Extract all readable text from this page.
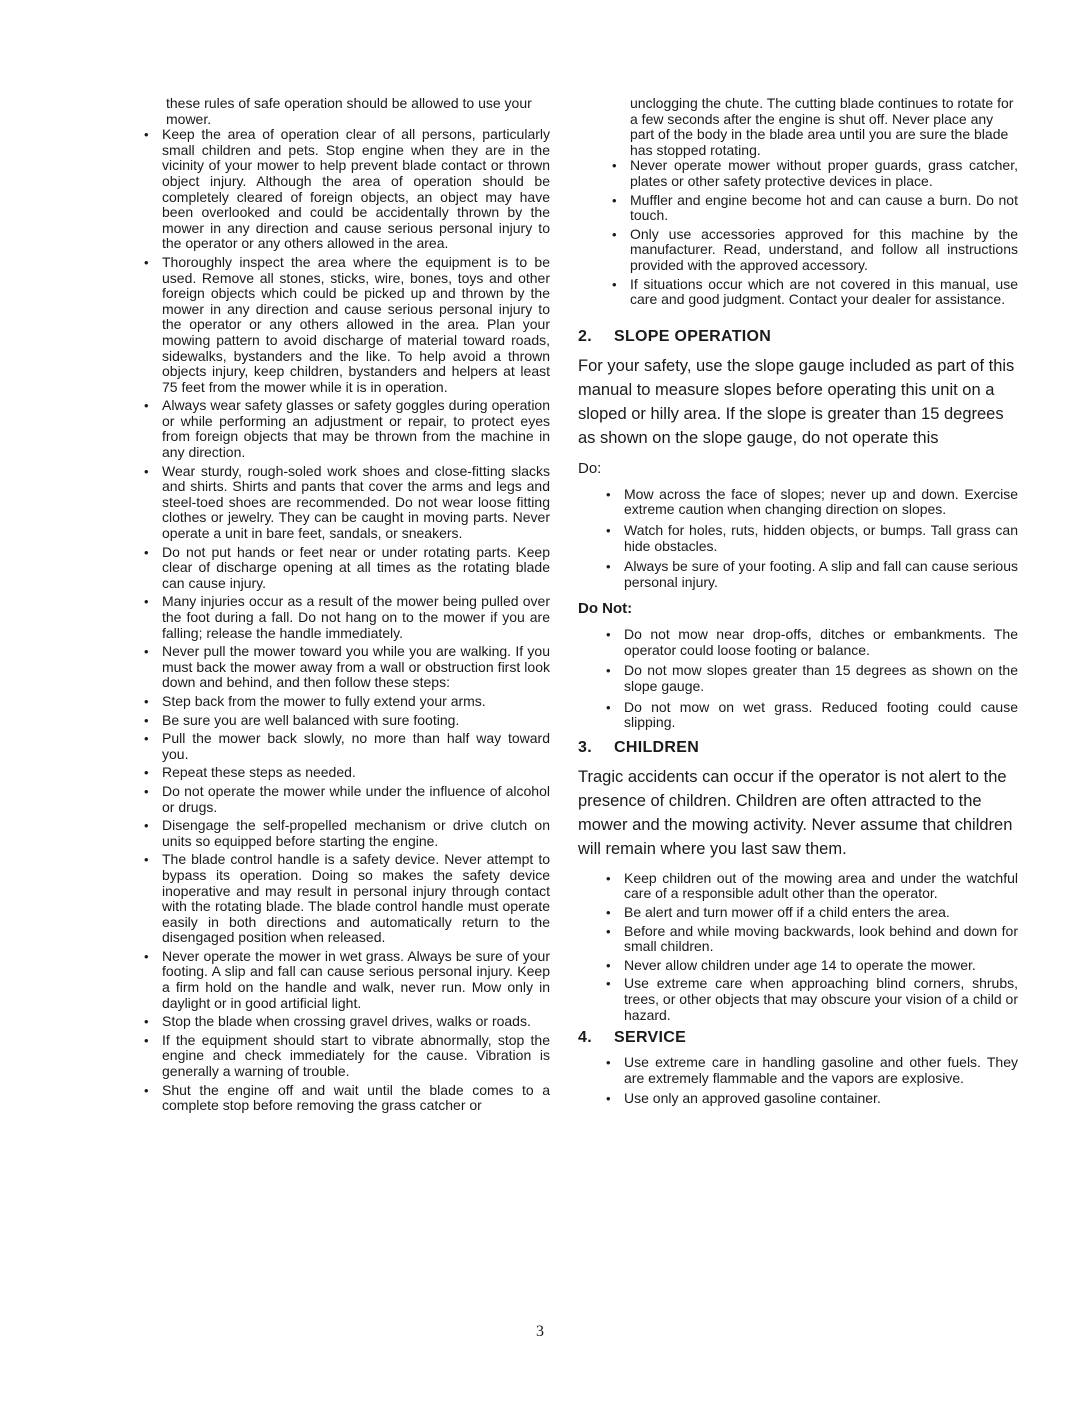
these rules of safe operation should be allowed to use your mower.

• Keep the area of operation clear of all persons, particularly small children and pets. Stop engine when they are in the vicinity of your mower to help prevent blade contact or thrown object injury. Although the area of operation should be completely cleared of foreign objects, an object may have been overlooked and could be accidentally thrown by the mower in any direction and cause serious personal injury to the operator or any others allowed in the area.
• Thoroughly inspect the area where the equipment is to be used. Remove all stones, sticks, wire, bones, toys and other foreign objects which could be picked up and thrown by the mower in any direction and cause serious personal injury to the operator or any others allowed in the area. Plan your mowing pattern to avoid discharge of material toward roads, sidewalks, bystanders and the like. To help avoid a thrown objects injury, keep children, bystanders and helpers at least 75 feet from the mower while it is in operation.
• Always wear safety glasses or safety goggles during operation or while performing an adjustment or repair, to protect eyes from foreign objects that may be thrown from the machine in any direction.
• Wear sturdy, rough-soled work shoes and close-fitting slacks and shirts. Shirts and pants that cover the arms and legs and steel-toed shoes are recommended. Do not wear loose fitting clothes or jewelry. They can be caught in moving parts. Never operate a unit in bare feet, sandals, or sneakers.
• Do not put hands or feet near or under rotating parts. Keep clear of discharge opening at all times as the rotating blade can cause injury.
• Many injuries occur as a result of the mower being pulled over the foot during a fall. Do not hang on to the mower if you are falling; release the handle immediately.
• Never pull the mower toward you while you are walking. If you must back the mower away from a wall or obstruction first look down and behind, and then follow these steps:
• Step back from the mower to fully extend your arms.
• Be sure you are well balanced with sure footing.
• Pull the mower back slowly, no more than half way toward you.
• Repeat these steps as needed.
• Do not operate the mower while under the influence of alcohol or drugs.
• Disengage the self-propelled mechanism or drive clutch on units so equipped before starting the engine.
• The blade control handle is a safety device. Never attempt to bypass its operation. Doing so makes the safety device inoperative and may result in personal injury through contact with the rotating blade. The blade control handle must operate easily in both directions and automatically return to the disengaged position when released.
• Never operate the mower in wet grass. Always be sure of your footing. A slip and fall can cause serious personal injury. Keep a firm hold on the handle and walk, never run. Mow only in daylight or in good artificial light.
• Stop the blade when crossing gravel drives, walks or roads.
• If the equipment should start to vibrate abnormally, stop the engine and check immediately for the cause. Vibration is generally a warning of trouble.
• Shut the engine off and wait until the blade comes to a complete stop before removing the grass catcher or

unclogging the chute. The cutting blade continues to rotate for a few seconds after the engine is shut off. Never place any part of the body in the blade area until you are sure the blade has stopped rotating.

• Never operate mower without proper guards, grass catcher, plates or other safety protective devices in place.
• Muffler and engine become hot and can cause a burn. Do not touch.
• Only use accessories approved for this machine by the manufacturer. Read, understand, and follow all instructions provided with the approved accessory.
• If situations occur which are not covered in this manual, use care and good judgment. Contact your dealer for assistance.
2. SLOPE OPERATION

For your safety, use the slope gauge included as part of this manual to measure slopes before operating this unit on a sloped or hilly area. If the slope is greater than 15 degrees as shown on the slope gauge, do not operate this

Do:

• Mow across the face of slopes; never up and down. Exercise extreme caution when changing direction on slopes.
• Watch for holes, ruts, hidden objects, or bumps. Tall grass can hide obstacles.
• Always be sure of your footing. A slip and fall can cause serious personal injury.

Do Not:

• Do not mow near drop-offs, ditches or embankments. The operator could loose footing or balance.
• Do not mow slopes greater than 15 degrees as shown on the slope gauge.
• Do not mow on wet grass. Reduced footing could cause slipping.
3. CHILDREN

Tragic accidents can occur if the operator is not alert to the presence of children. Children are often attracted to the mower and the mowing activity. Never assume that children will remain where you last saw them.

• Keep children out of the mowing area and under the watchful care of a responsible adult other than the operator.
• Be alert and turn mower off if a child enters the area.
• Before and while moving backwards, look behind and down for small children.
• Never allow children under age 14 to operate the mower.
• Use extreme care when approaching blind corners, shrubs, trees, or other objects that may obscure your vision of a child or hazard.
4. SERVICE
• Use extreme care in handling gasoline and other fuels. They are extremely flammable and the vapors are explosive.
• Use only an approved gasoline container.
3
